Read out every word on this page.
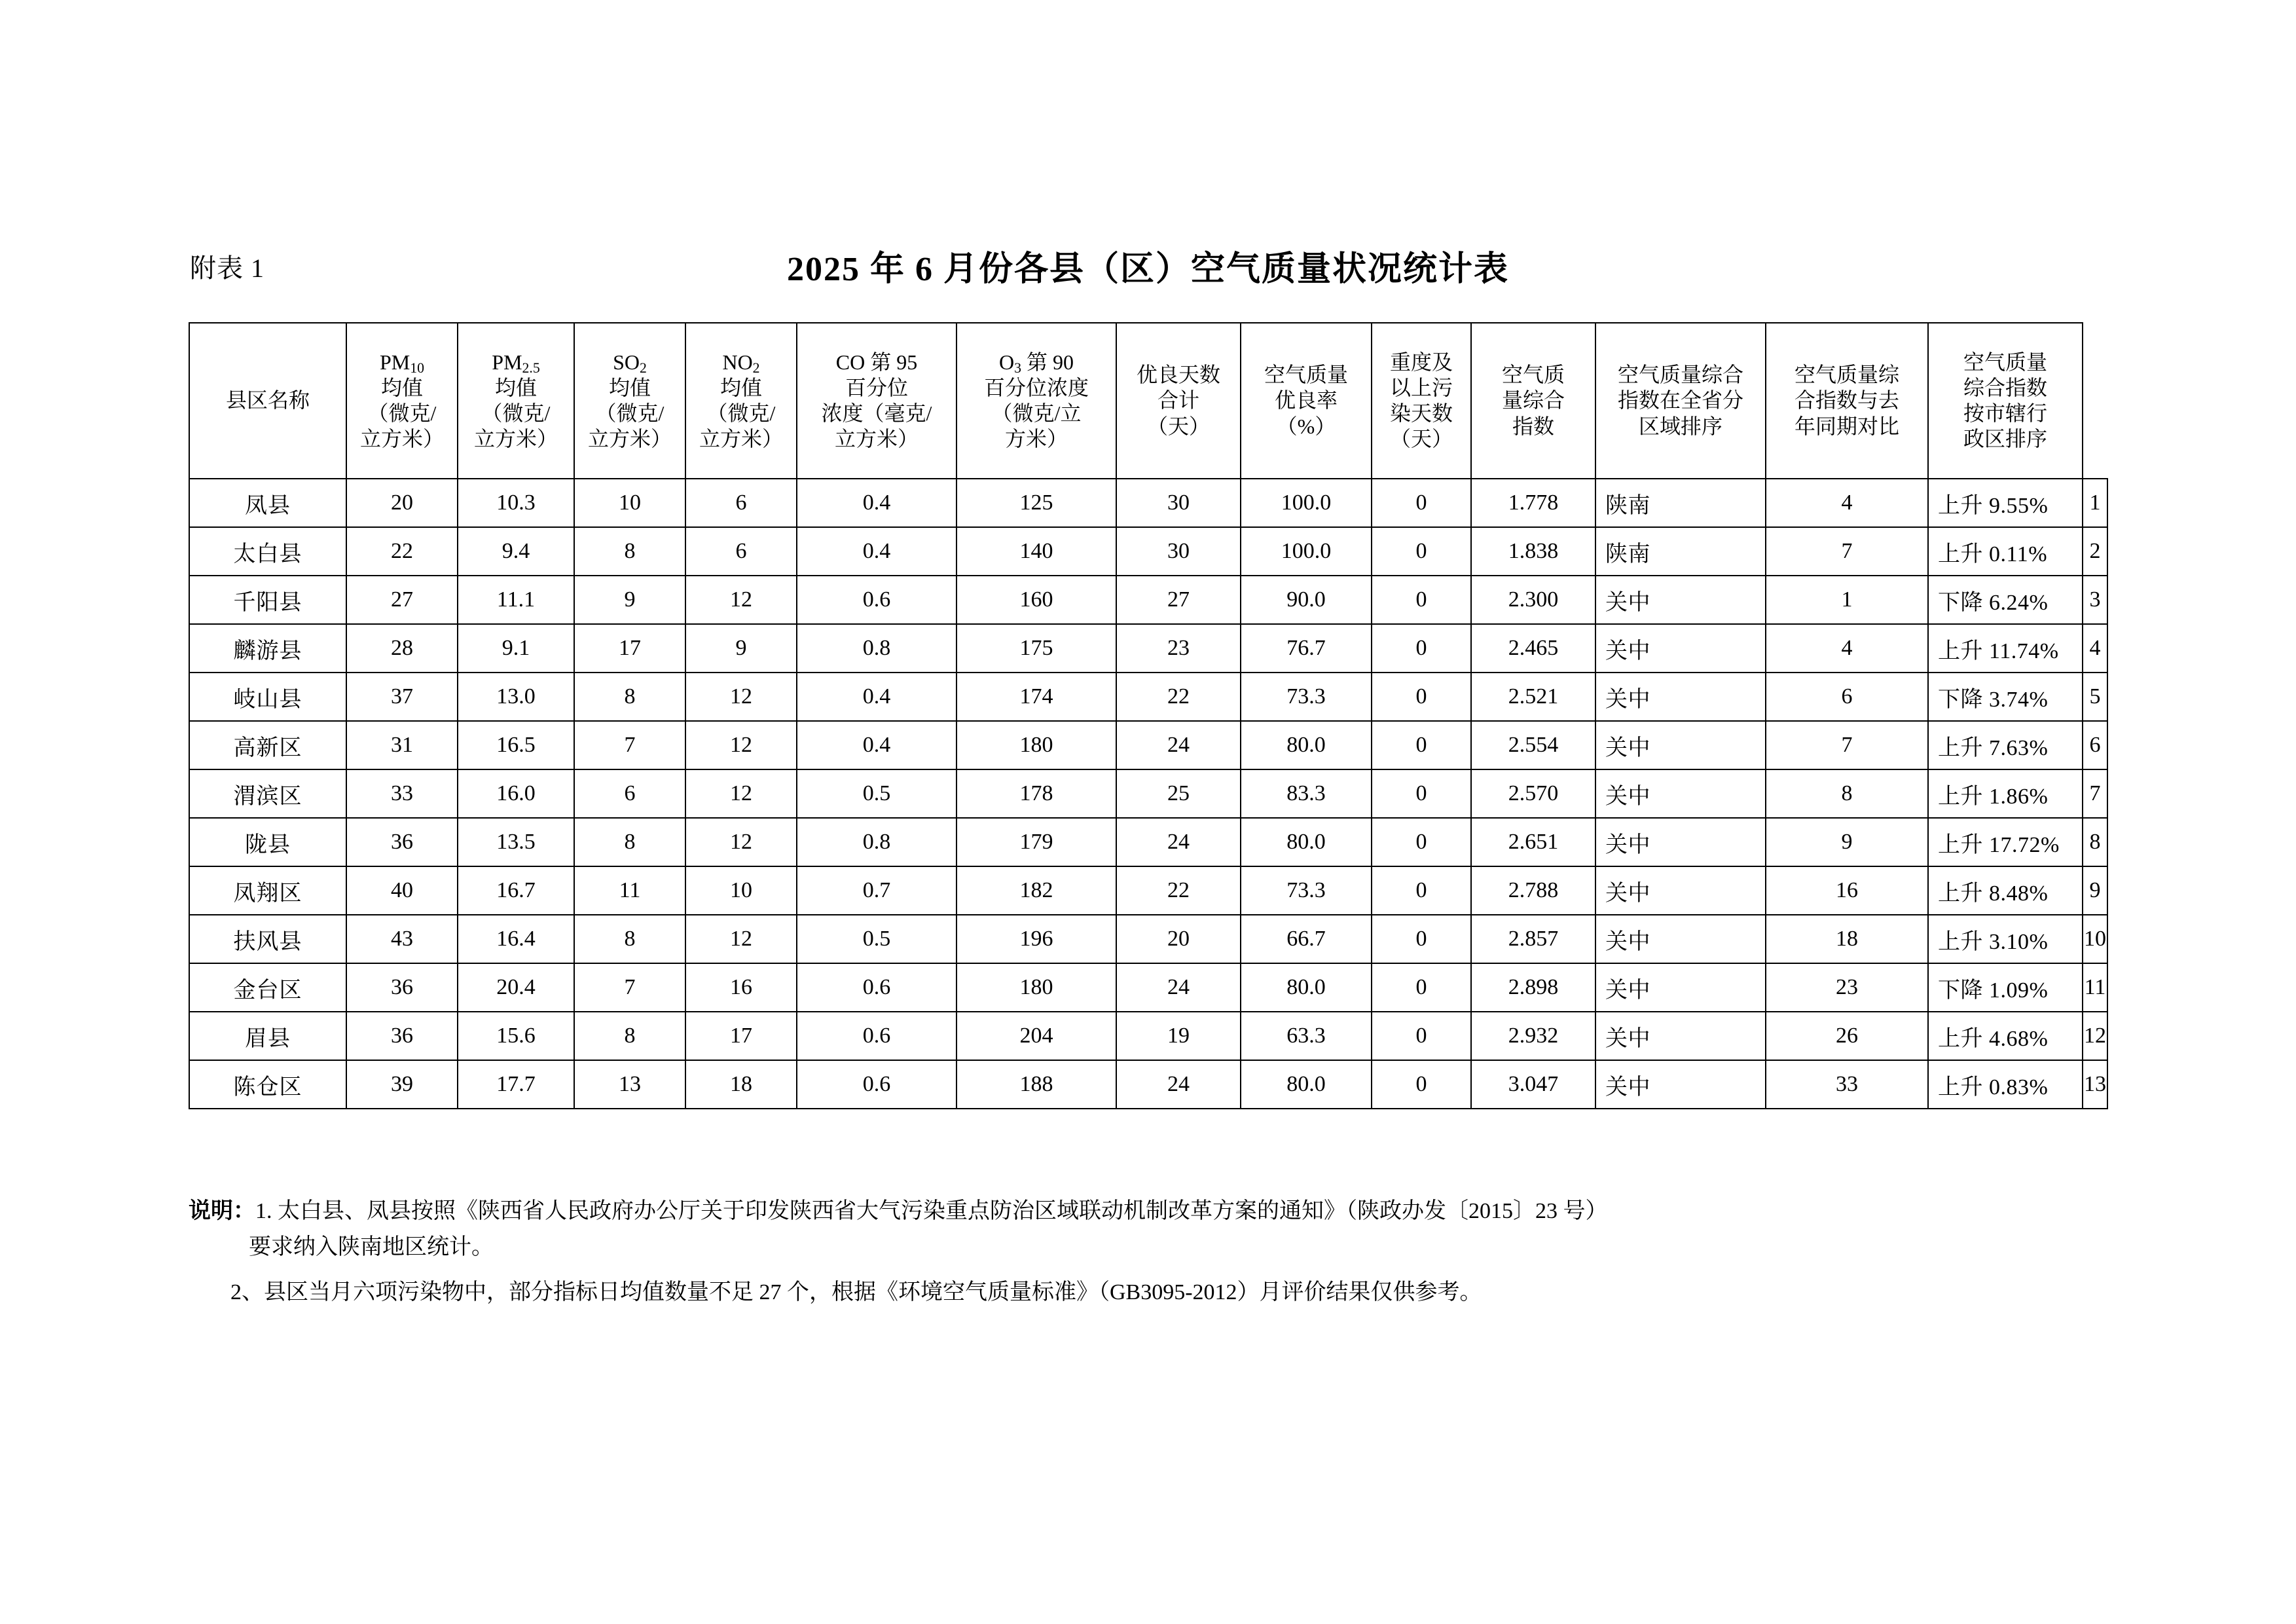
附表 1	2025 年 6 月份各县（区）空气质量状况统计表
县区名称	$PM_{10}$
均值
（微克/
立方米）	$PM_{2.5}$
均值
（微克/
立方米）	$SO_2$
均值
（微克/
立方米）	$NO_2$
均值
（微克/
立方米）	CO 第 95
百分位
浓度（毫克/
立方米）	$O_3$ 第 90
百分位浓度
（微克/立
方米）	优良天数
合计
（天）	空气质量
优良率
（%）	重度及
以上污
染天数
（天）	空气质
量综合
指数	空气质量综合
指数在全省分
区域排序	空气质量综
合指数与去
年同期对比	空气质量
综合指数
按市辖行
政区排序	

凤县	20	10.3	10	6	0.4	125	30	100.0	0	1.778	陕南	4	上升 9.55%	1
太白县	22	9.4	8	6	0.4	140	30	100.0	0	1.838	陕南	7	上升 0.11%	2
千阳县	27	11.1	9	12	0.6	160	27	90.0	0	2.300	关中	1	下降 6.24%	3
麟游县	28	9.1	17	9	0.8	175	23	76.7	0	2.465	关中	4	上升 11.74%	4
岐山县	37	13.0	8	12	0.4	174	22	73.3	0	2.521	关中	6	下降 3.74%	5
高新区	31	16.5	7	12	0.4	180	24	80.0	0	2.554	关中	7	上升 7.63%	6
渭滨区	33	16.0	6	12	0.5	178	25	83.3	0	2.570	关中	8	上升 1.86%	7
陇县	36	13.5	8	12	0.8	179	24	80.0	0	2.651	关中	9	上升 17.72%	8
凤翔区	40	16.7	11	10	0.7	182	22	73.3	0	2.788	关中	16	上升 8.48%	9
扶风县	43	16.4	8	12	0.5	196	20	66.7	0	2.857	关中	18	上升 3.10%	10
金台区	36	20.4	7	16	0.6	180	24	80.0	0	2.898	关中	23	下降 1.09%	11
眉县	36	15.6	8	17	0.6	204	19	63.3	0	2.932	关中	26	上升 4.68%	12
陈仓区	39	17.7	13	18	0.6	188	24	80.0	0	3.047	关中	33	上升 0.83%	13
说明：1. 太白县、凤县按照《陕西省人民政府办公厅关于印发陕西省大气污染重点防治区域联动机制改革方案的通知》（陕政办发〔2015〕23 号）
要求纳入陕南地区统计。
2、县区当月六项污染物中，部分指标日均值数量不足 27 个，根据《环境空气质量标准》（GB3095-2012）月评价结果仅供参考。
